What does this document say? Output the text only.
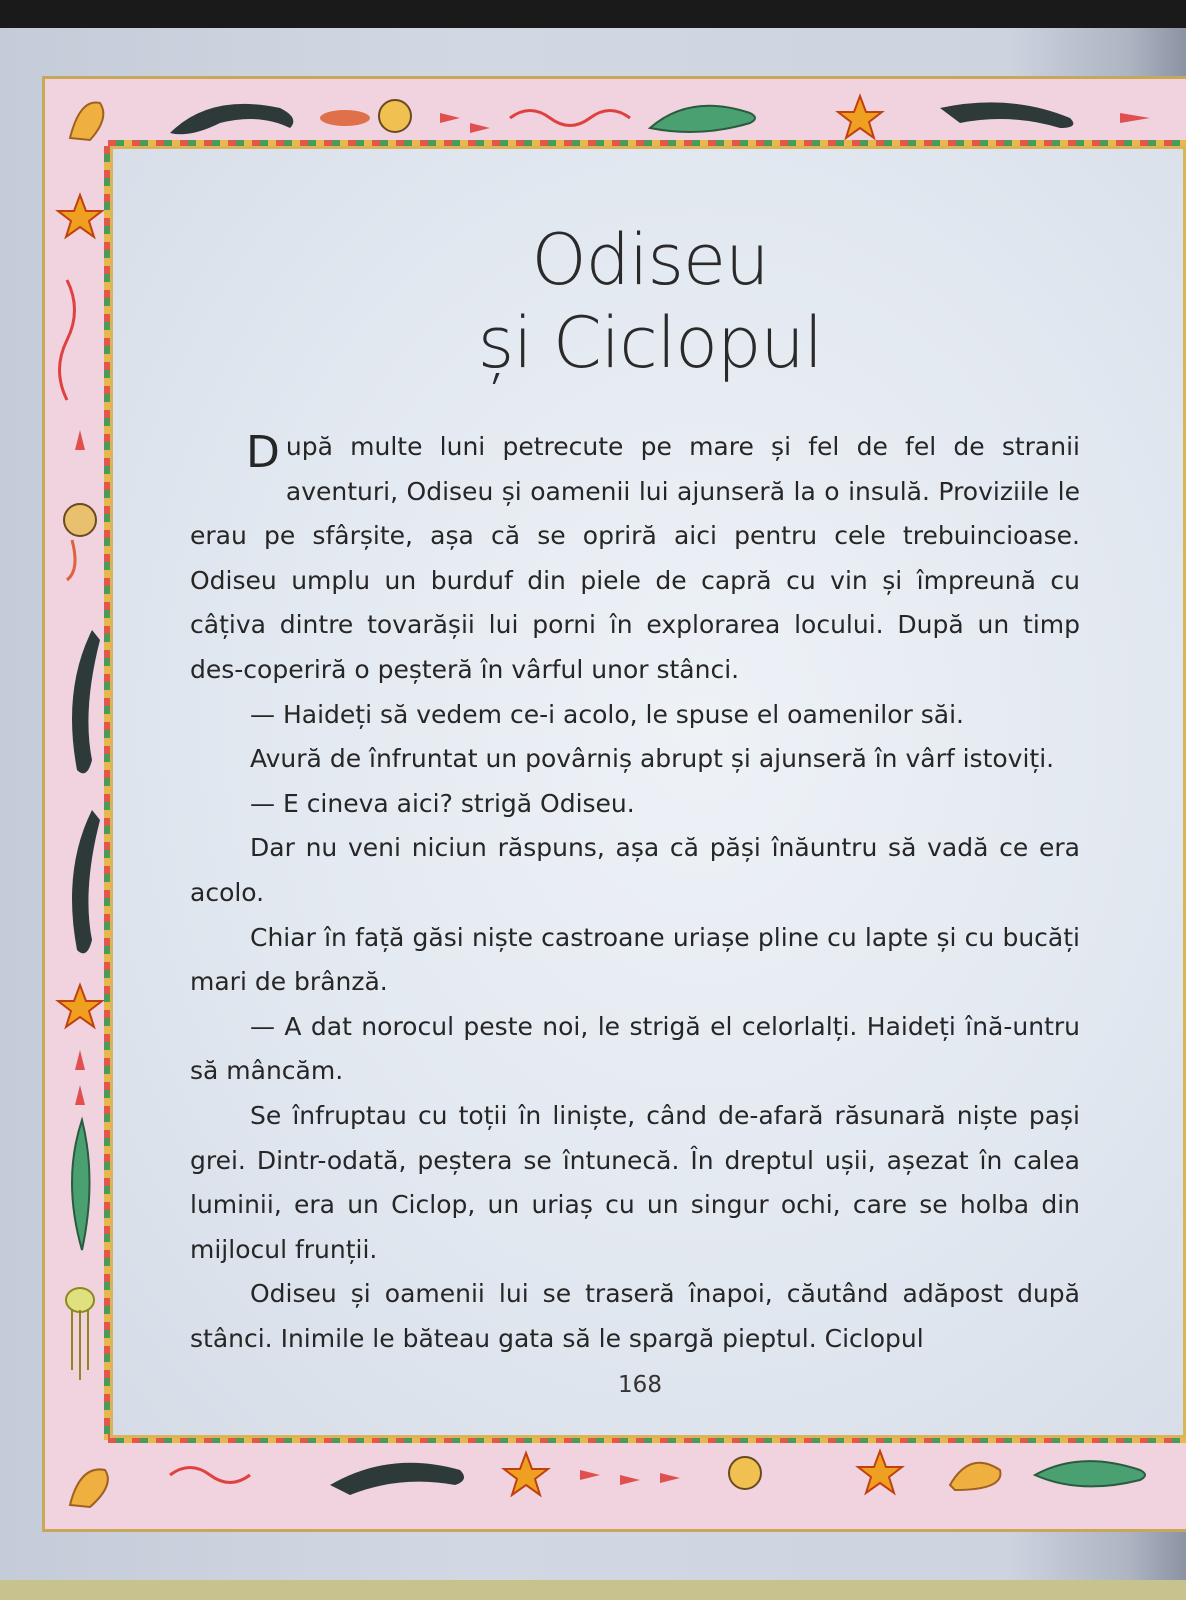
Odiseu
și Ciclopul

După multe luni petrecute pe mare și fel de fel de stranii aventuri, Odiseu și oamenii lui ajunseră la o insulă. Proviziile le erau pe sfârșite, așa că se opriră aici pentru cele trebuincioase. Odiseu umplu un burduf din piele de capră cu vin și împreună cu câțiva dintre tovarășii lui porni în explorarea locului. După un timp des-coperiră o peșteră în vârful unor stânci.

— Haideți să vedem ce-i acolo, le spuse el oamenilor săi.

Avură de înfruntat un povârniș abrupt și ajunseră în vârf istoviți.

— E cineva aici? strigă Odiseu.

Dar nu veni niciun răspuns, așa că păși înăuntru să vadă ce era acolo.

Chiar în față găsi niște castroane uriașe pline cu lapte și cu bucăți mari de brânză.

— A dat norocul peste noi, le strigă el celorlalți. Haideți înă-untru să mâncăm.

Se înfruptau cu toții în liniște, când de-afară răsunară niște pași grei. Dintr-odată, peștera se întunecă. În dreptul ușii, așezat în calea luminii, era un Ciclop, un uriaș cu un singur ochi, care se holba din mijlocul frunții.

Odiseu și oamenii lui se traseră înapoi, căutând adăpost după stânci. Inimile le băteau gata să le spargă pieptul. Ciclopul

168
